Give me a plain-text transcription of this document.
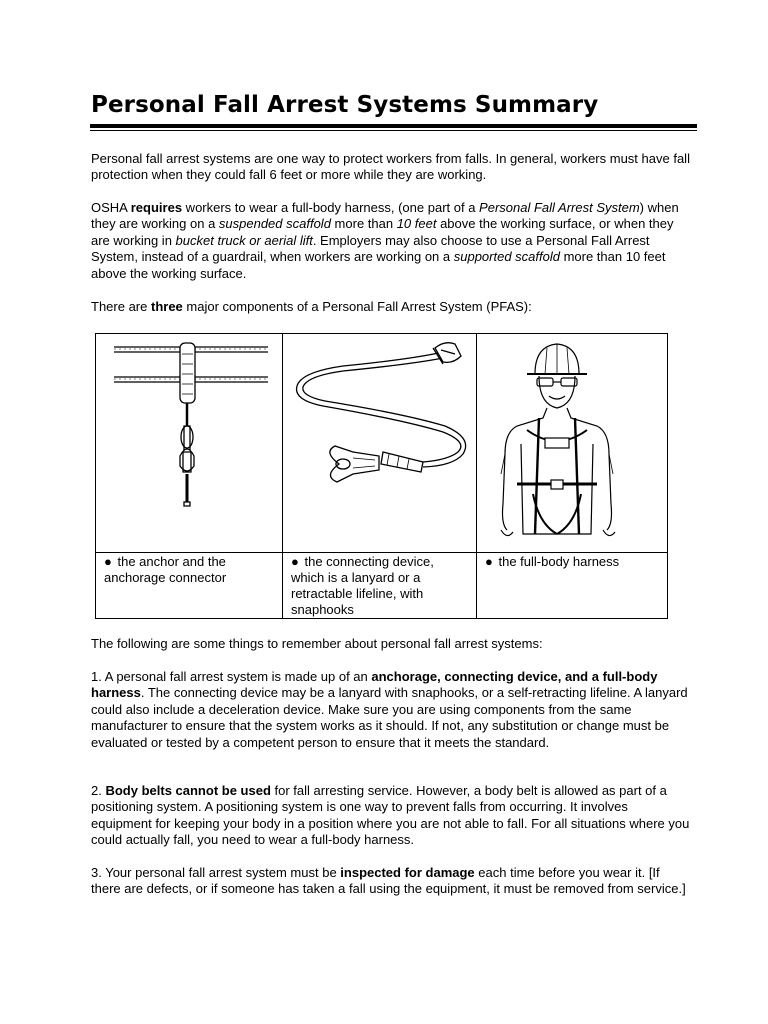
Personal Fall Arrest Systems Summary

Personal fall arrest systems are one way to protect workers from falls. In general, workers must have fall protection when they could fall 6 feet or more while they are working.

OSHA requires workers to wear a full-body harness, (one part of a Personal Fall Arrest System) when they are working on a suspended scaffold more than 10 feet above the working surface, or when they are working in bucket truck or aerial lift. Employers may also choose to use a Personal Fall Arrest System, instead of a guardrail, when workers are working on a supported scaffold more than 10 feet above the working surface.

There are three major components of a Personal Fall Arrest System (PFAS):

● the anchor and the anchorage connector	● the connecting device, which is a lanyard or a retractable lifeline, with snaphooks	● the full-body harness

The following are some things to remember about personal fall arrest systems:

1. A personal fall arrest system is made up of an anchorage, connecting device, and a full-body harness. The connecting device may be a lanyard with snaphooks, or a self-retracting lifeline. A lanyard could also include a deceleration device. Make sure you are using components from the same manufacturer to ensure that the system works as it should. If not, any substitution or change must be evaluated or tested by a competent person to ensure that it meets the standard.

2. Body belts cannot be used for fall arresting service. However, a body belt is allowed as part of a positioning system. A positioning system is one way to prevent falls from occurring. It involves equipment for keeping your body in a position where you are not able to fall. For all situations where you could actually fall, you need to wear a full-body harness.

3. Your personal fall arrest system must be inspected for damage each time before you wear it. [If there are defects, or if someone has taken a fall using the equipment, it must be removed from service.]
